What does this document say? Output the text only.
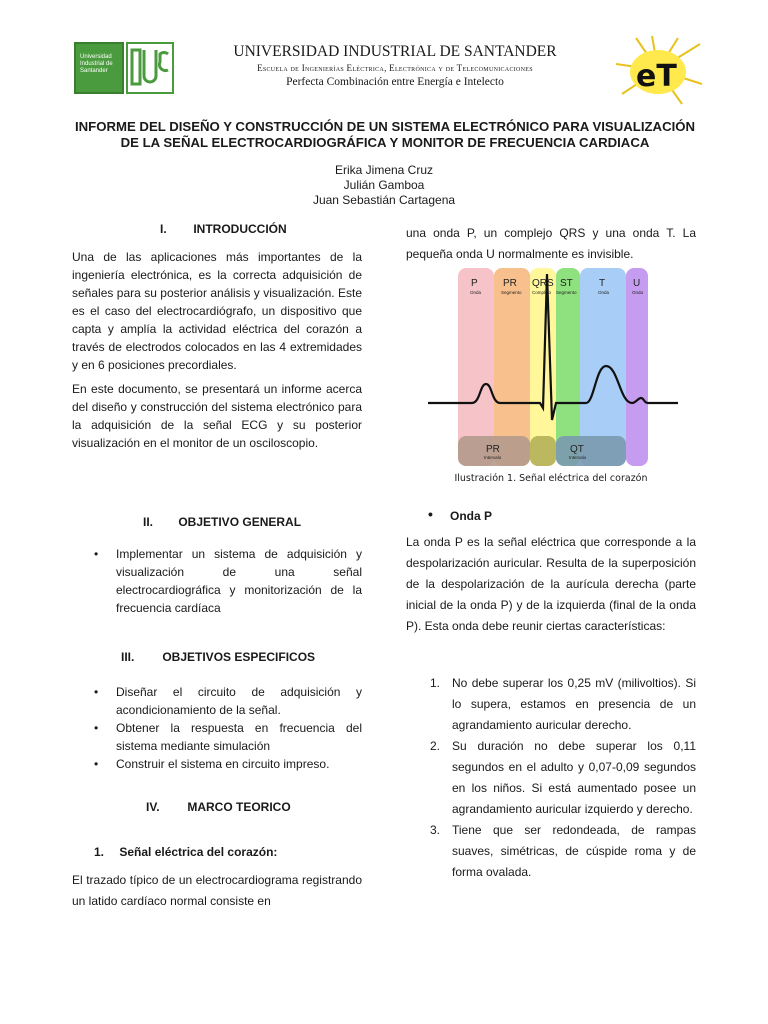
Universidad Industrial de Santander
UNIVERSIDAD INDUSTRIAL DE SANTANDER
Escuela de Ingenierías Eléctrica, Electrónica y de Telecomunicaciones
Perfecta Combinación entre Energía e Intelecto	eT
INFORME DEL DISEÑO Y CONSTRUCCIÓN DE UN SISTEMA ELECTRÓNICO PARA VISUALIZACIÓN DE LA SEÑAL ELECTROCARDIOGRÁFICA Y MONITOR DE FRECUENCIA CARDIACA
Erika Jimena Cruz
Julián Gamboa
Juan Sebastián Cartagena
I. INTRODUCCIÓN

Una de las aplicaciones más importantes de la ingeniería electrónica, es la correcta adquisición de señales para su posterior análisis y visualización. Este es el caso del electrocardiógrafo, un dispositivo que capta y amplía la actividad eléctrica del corazón a través de electrodos colocados en las 4 extremidades y en 6 posiciones precordiales.

En este documento, se presentará un informe acerca del diseño y construcción del sistema electrónico para la adquisición de la señal ECG y su posterior visualización en el monitor de un osciloscopio.

II. OBJETIVO GENERAL
• Implementar un sistema de adquisición y visualización de una señal electrocardiográfica y monitorización de la frecuencia cardíaca
III. OBJETIVOS ESPECIFICOS
• Diseñar el circuito de adquisición y acondicionamiento de la señal.
• Obtener la respuesta en frecuencia del sistema mediante simulación
• Construir el sistema en circuito impreso.
IV. MARCO TEORICO
1. Señal eléctrica del corazón:

El trazado típico de un electrocardiograma registrando un latido cardíaco normal consiste en

una onda P, un complejo QRS y una onda T. La pequeña onda U normalmente es invisible.

P
Onda
PR
Segmento
QRS
Complejo
ST
Segmento
T
Onda
U
Onda
PR
Intervalo
QT
Intervalo
Ilustración 1. Señal eléctrica del corazón
• Onda P

La onda P es la señal eléctrica que corresponde a la despolarización auricular. Resulta de la superposición de la despolarización de la aurícula derecha (parte inicial de la onda P) y de la izquierda (final de la onda P). Esta onda debe reunir ciertas características:

1. No debe superar los 0,25 mV (milivoltios). Si lo supera, estamos en presencia de un agrandamiento auricular derecho.
2. Su duración no debe superar los 0,11 segundos en el adulto y 0,07-0,09 segundos en los niños. Si está aumentado posee un agrandamiento auricular izquierdo y derecho.
3. Tiene que ser redondeada, de rampas suaves, simétricas, de cúspide roma y de forma ovalada.
